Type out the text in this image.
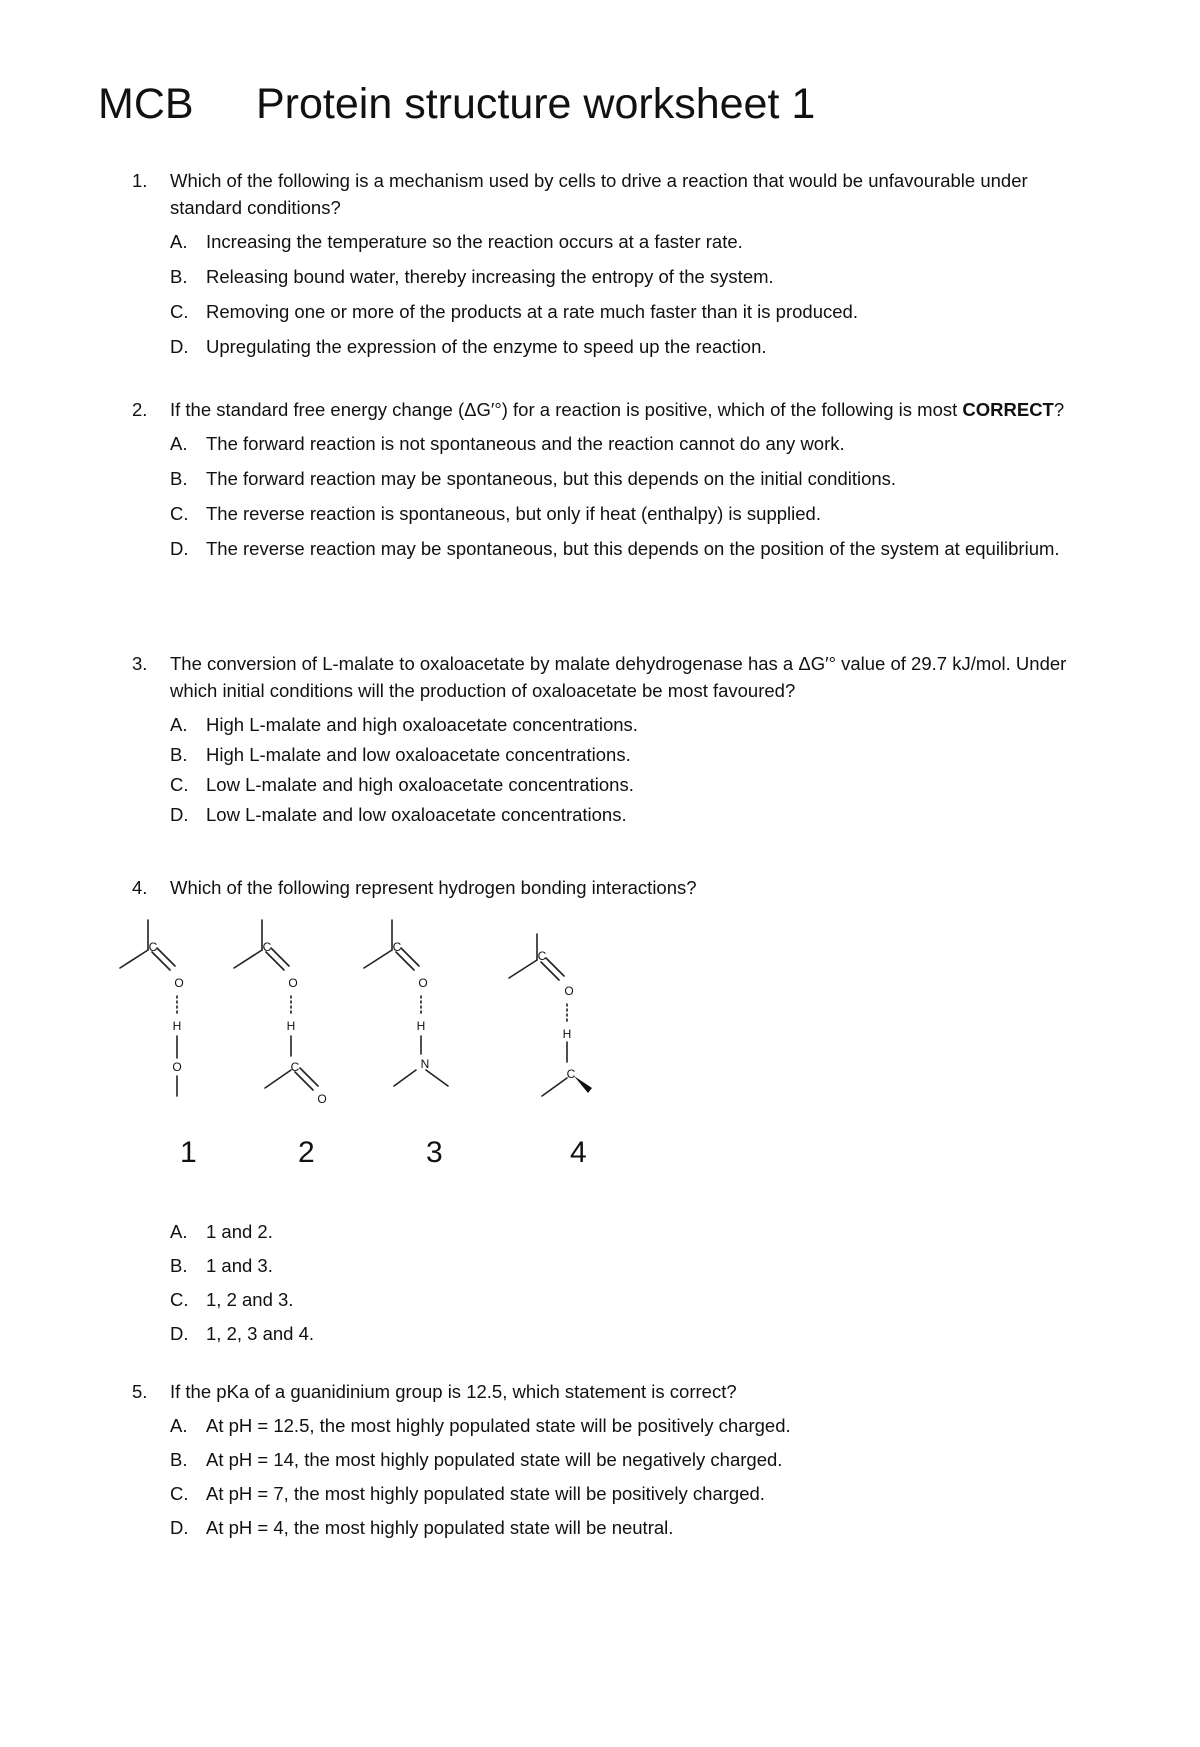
MCB Protein structure worksheet 1
1. Which of the following is a mechanism used by cells to drive a reaction that would be unfavourable under standard conditions?
A. Increasing the temperature so the reaction occurs at a faster rate.
B. Releasing bound water, thereby increasing the entropy of the system.
C. Removing one or more of the products at a rate much faster than it is produced.
D. Upregulating the expression of the enzyme to speed up the reaction.
2. If the standard free energy change (ΔG′°) for a reaction is positive, which of the following is most CORRECT?
A. The forward reaction is not spontaneous and the reaction cannot do any work.
B. The forward reaction may be spontaneous, but this depends on the initial conditions.
C. The reverse reaction is spontaneous, but only if heat (enthalpy) is supplied.
D. The reverse reaction may be spontaneous, but this depends on the position of the system at equilibrium.
3. The conversion of L-malate to oxaloacetate by malate dehydrogenase has a ΔG′° value of 29.7 kJ/mol. Under which initial conditions will the production of oxaloacetate be most favoured?
A. High L-malate and high oxaloacetate concentrations.
B. High L-malate and low oxaloacetate concentrations.
C. Low L-malate and high oxaloacetate concentrations.
D. Low L-malate and low oxaloacetate concentrations.
4. Which of the following represent hydrogen bonding interactions?
C
O
H
O
C
O
H
C
O
C
O
H
N
C
O
H
C
1	2	3	4
A. 1 and 2.
B. 1 and 3.
C. 1, 2 and 3.
D. 1, 2, 3 and 4.
5. If the pKa of a guanidinium group is 12.5, which statement is correct?
A. At pH = 12.5, the most highly populated state will be positively charged.
B. At pH = 14, the most highly populated state will be negatively charged.
C. At pH = 7, the most highly populated state will be positively charged.
D. At pH = 4, the most highly populated state will be neutral.
